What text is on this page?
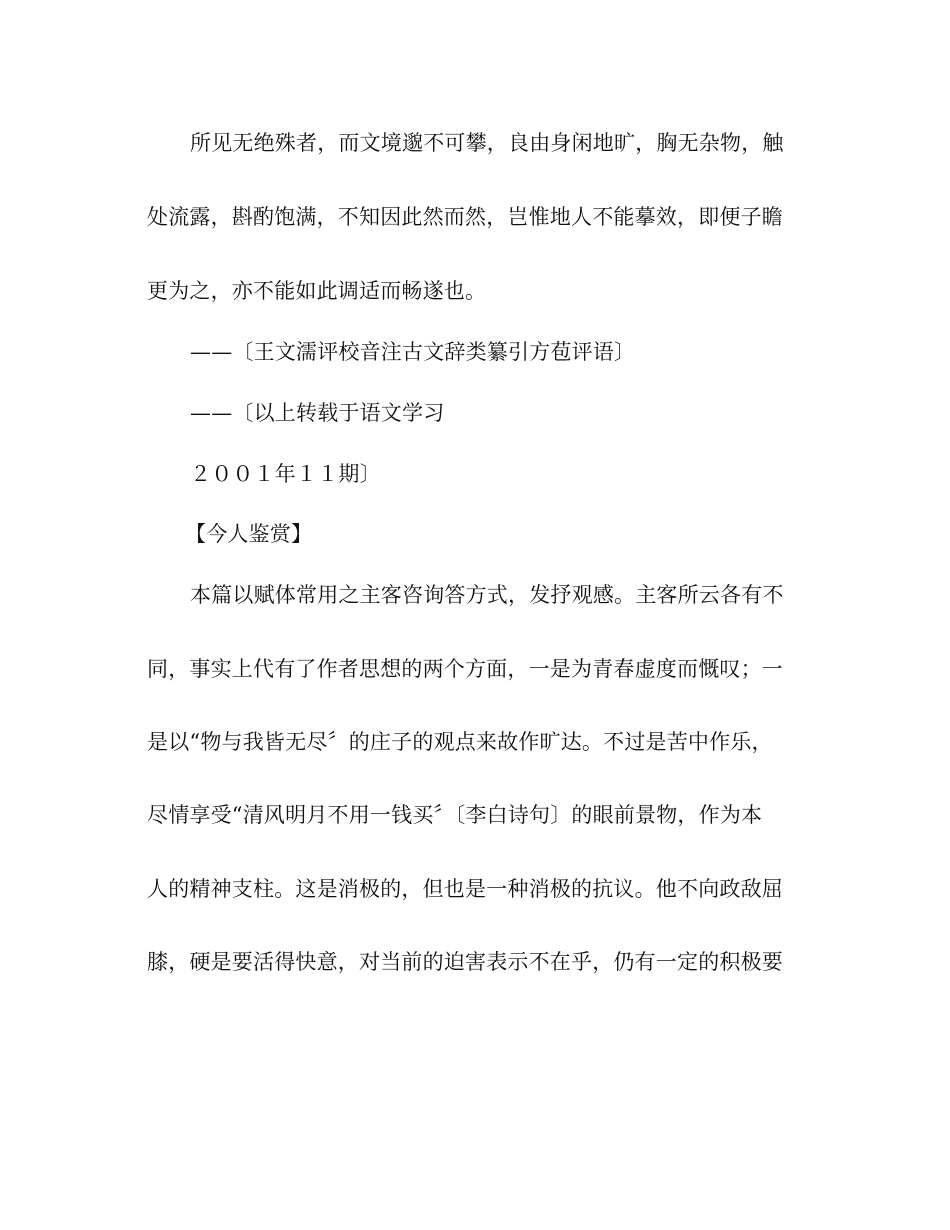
所见无绝殊者，而文境邈不可攀，良由身闲地旷，胸无杂物，触
处流露，斟酌饱满，不知因此然而然，岂惟地人不能摹效，即便子瞻
更为之，亦不能如此调适而畅遂也。
——〔王文濡评校音注古文辞类纂引方苞评语〕
——〔以上转载于语文学习
２００１年１１期〕
【今人鉴赏】
本篇以赋体常用之主客咨询答方式，发抒观感。主客所云各有不
同，事实上代有了作者思想的两个方面，一是为青春虚度而慨叹；一
是以“物与我皆无尽〞的庄子的观点来故作旷达。不过是苦中作乐，
尽情享受“清风明月不用一钱买〞〔李白诗句〕的眼前景物，作为本
人的精神支柱。这是消极的，但也是一种消极的抗议。他不向政敌屈
膝，硬是要活得快意，对当前的迫害表示不在乎，仍有一定的积极要
